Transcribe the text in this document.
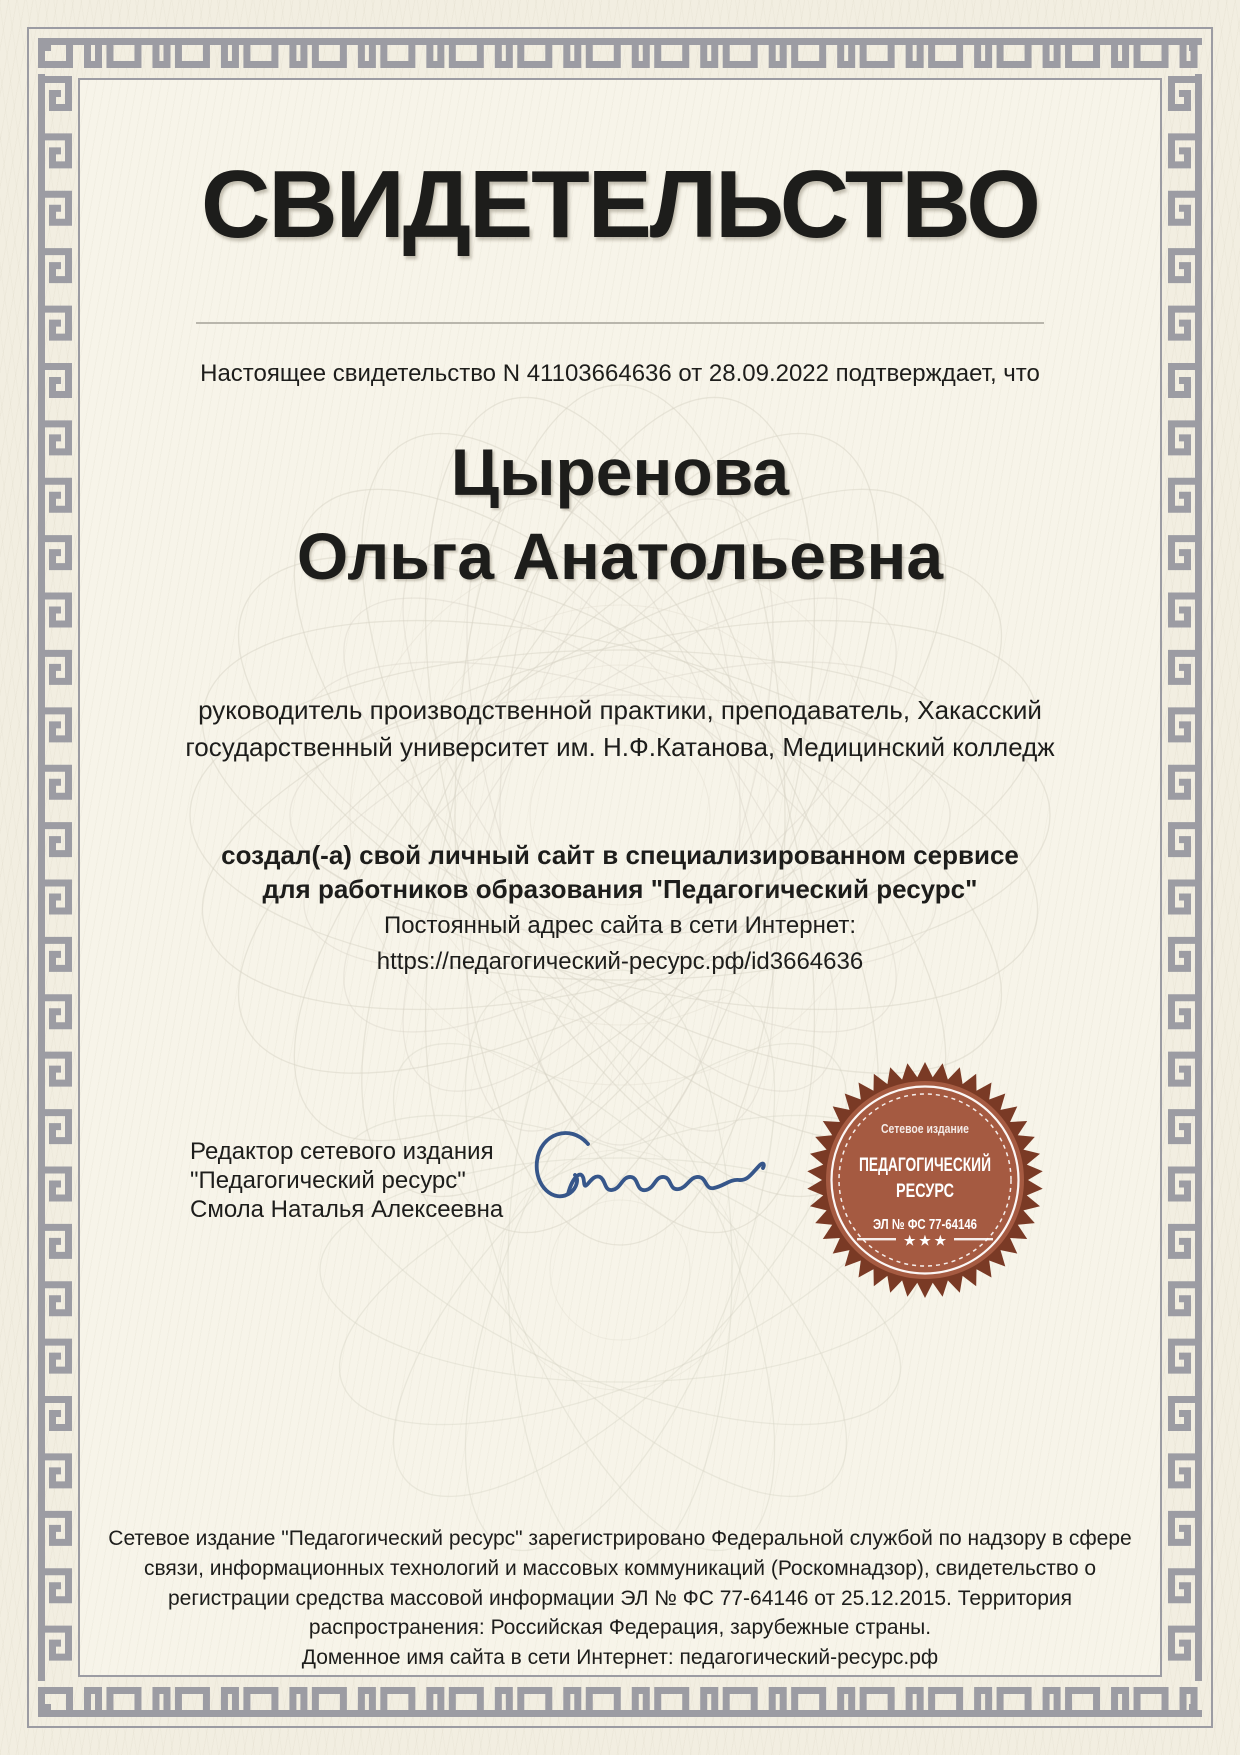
СВИДЕТЕЛЬСТВО
Настоящее свидетельство N 41103664636 от 28.09.2022 подтверждает, что
Цыренова
Ольга Анатольевна
руководитель производственной практики, преподаватель, Хакасский
государственный университет им. Н.Ф.Катанова, Медицинский колледж
создал(-а) свой личный сайт в специализированном сервисе
для работников образования "Педагогический ресурс"
Постоянный адрес сайта в сети Интернет:
https://педагогический-ресурс.рф/id3664636
Редактор сетевого издания
"Педагогический ресурс"
Смола Наталья Алексеевна
Сетевое издание
ПЕДАГОГИЧЕСКИЙ
РЕСУРС
ЭЛ № ФС 77-64146
★ ★ ★
Сетевое издание "Педагогический ресурс" зарегистрировано Федеральной службой по надзору в сфере
связи, информационных технологий и массовых коммуникаций (Роскомнадзор), свидетельство о
регистрации средства массовой информации ЭЛ № ФС 77-64146 от 25.12.2015. Территория
распространения: Российская Федерация, зарубежные страны.
Доменное имя сайта в сети Интернет: педагогический-ресурс.рф
